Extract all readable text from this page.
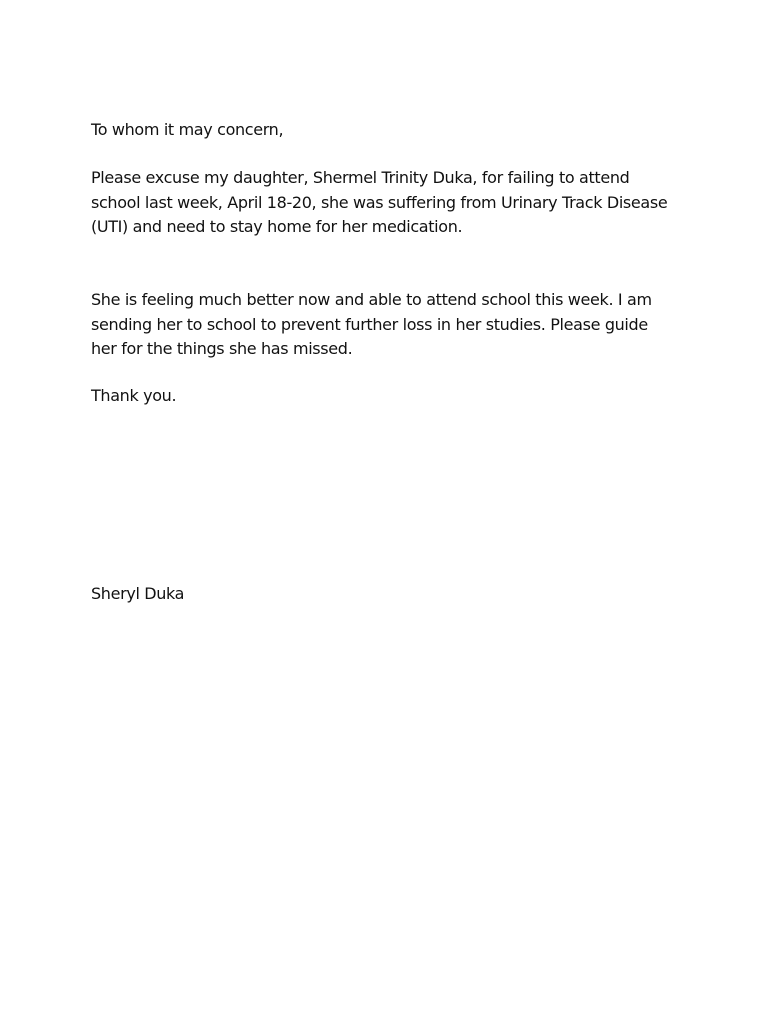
To whom it may concern,

Please excuse my daughter, Shermel Trinity Duka, for failing to attend

school last week, April 18-20, she was suffering from Urinary Track Disease

(UTI) and need to stay home for her medication.

She is feeling much better now and able to attend school this week. I am

sending her to school to prevent further loss in her studies. Please guide

her for the things she has missed.

Thank you.

Sheryl Duka
